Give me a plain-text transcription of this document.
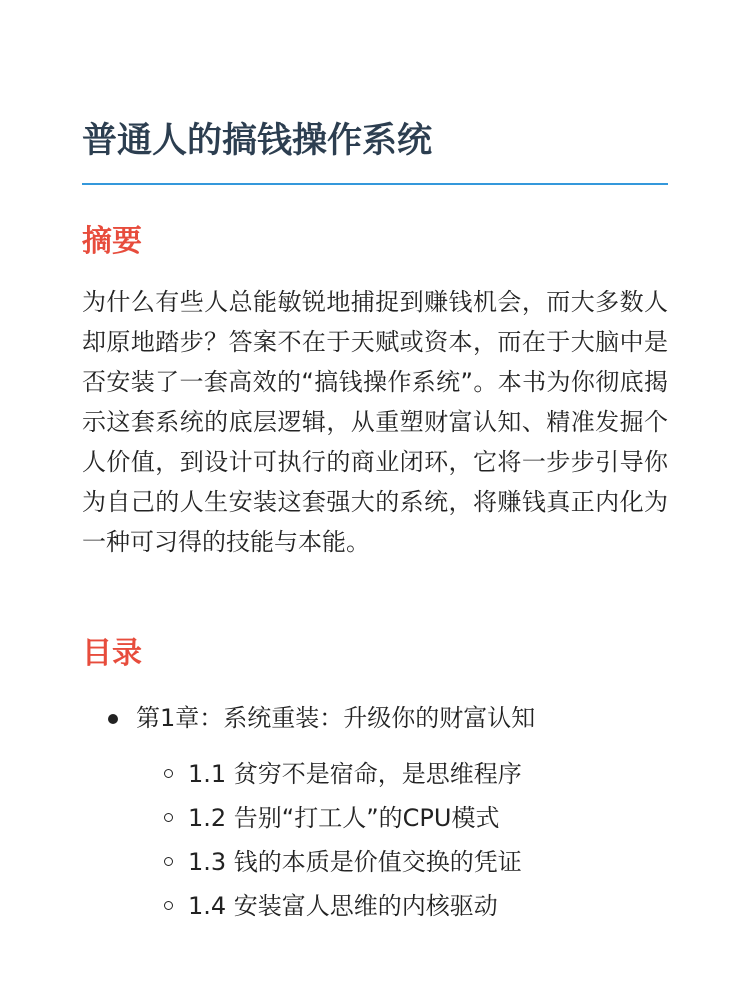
普通人的搞钱操作系统
摘要

为什么有些人总能敏锐地捕捉到赚钱机会，而大多数人却原地踏步？答案不在于天赋或资本，而在于大脑中是否安装了一套高效的“搞钱操作系统”。本书为你彻底揭示这套系统的底层逻辑，从重塑财富认知、精准发掘个人价值，到设计可执行的商业闭环，它将一步步引导你为自己的人生安装这套强大的系统，将赚钱真正内化为一种可习得的技能与本能。

目录
第1章：系统重装：升级你的财富认知
1.1 贫穷不是宿命，是思维程序
1.2 告别“打工人”的CPU模式
1.3 钱的本质是价值交换的凭证
1.4 安装富人思维的内核驱动
